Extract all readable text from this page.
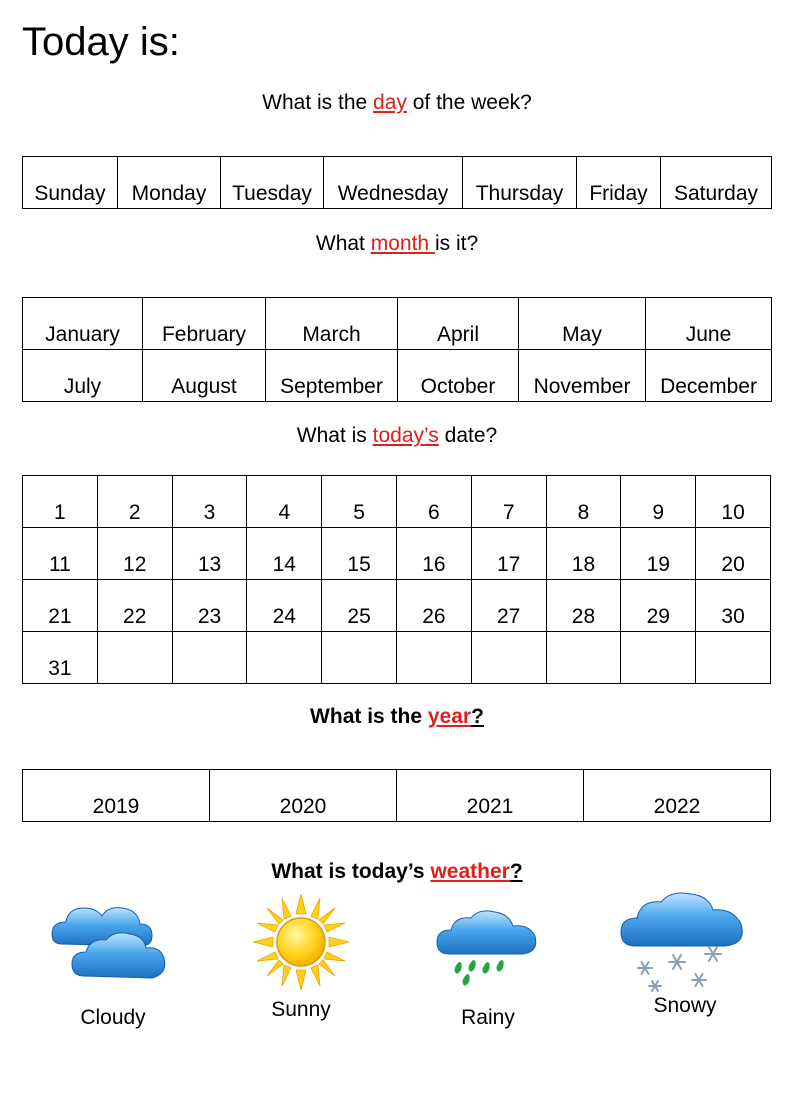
Today is:
What is the day of the week?
Sunday	Monday	Tuesday	Wednesday	Thursday	Friday	Saturday
What month is it?
January	February	March	April	May	June
July	August	September	October	November	December
What is today’s date?
1	2	3	4	5	6	7	8	9	10
11	12	13	14	15	16	17	18	19	20
21	22	23	24	25	26	27	28	29	30
31									
What is the year?
2019	2020	2021	2022
What is today’s weather?
Cloudy	Sunny	Rainy
Snowy
